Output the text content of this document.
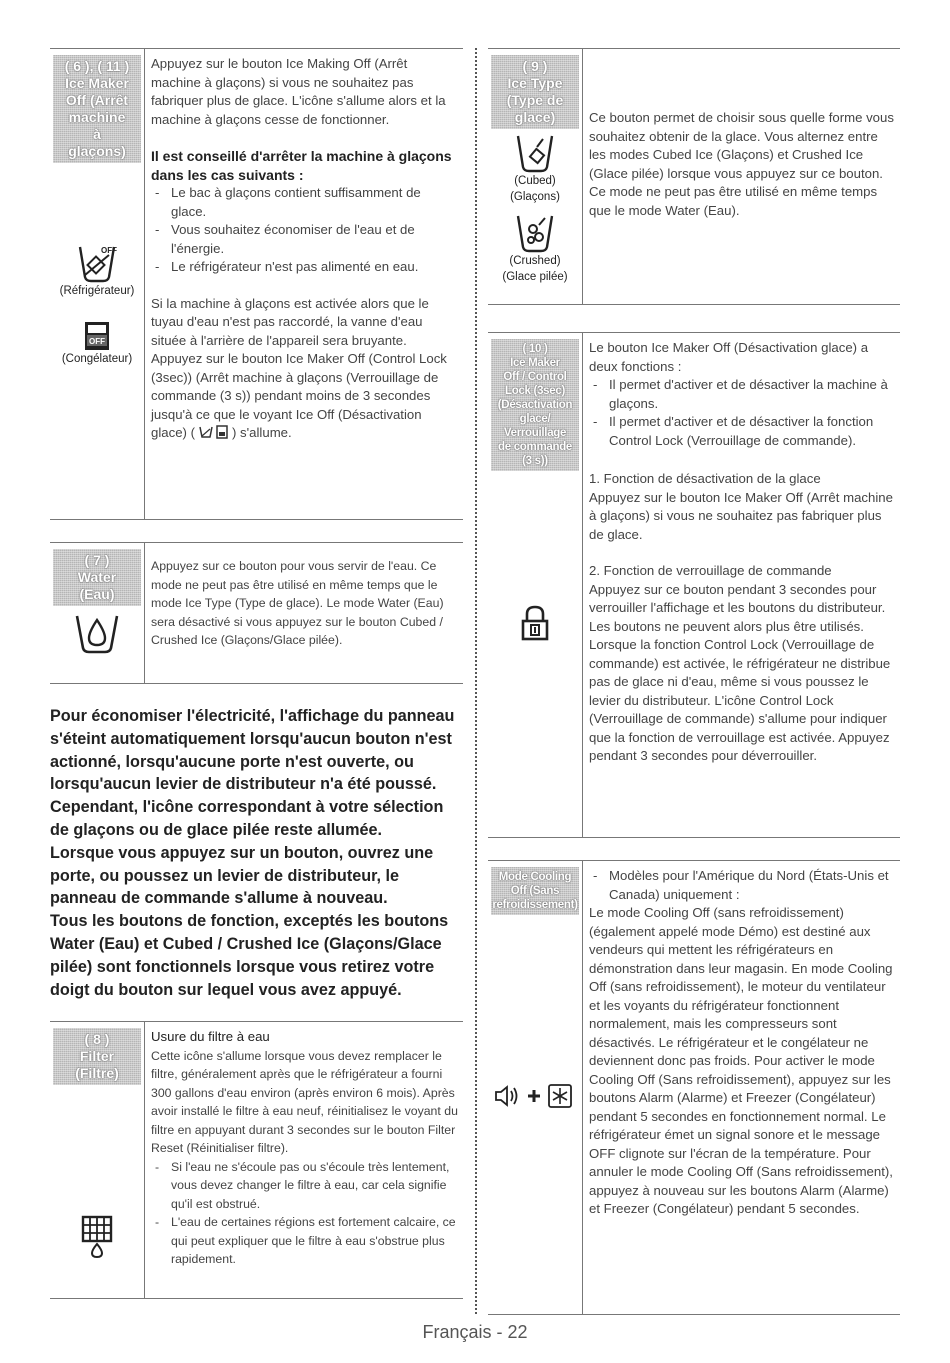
( 6 ), ( 11 )
Ice Maker
Off (Arrêt
machine
à
glaçons)
OFF
(Réfrigérateur)
OFF
(Congélateur)

Appuyez sur le bouton Ice Making Off (Arrêt machine à glaçons) si vous ne souhaitez pas fabriquer plus de glace. L'icône s'allume alors et la machine à glaçons cesse de fonctionner.

Il est conseillé d'arrêter la machine à glaçons dans les cas suivants :

- Le bac à glaçons contient suffisamment de glace.
- Vous souhaitez économiser de l'eau et de l'énergie.
- Le réfrigérateur n'est pas alimenté en eau.

Si la machine à glaçons est activée alors que le tuyau d'eau n'est pas raccordé, la vanne d'eau située à l'arrière de l'appareil sera bruyante. Appuyez sur le bouton Ice Maker Off (Control Lock (3sec)) (Arrêt machine à glaçons (Verrouillage de commande (3 s)) pendant moins de 3 secondes jusqu'à ce que le voyant Ice Off (Désactivation glace) (	) s'allume.

( 7 )
Water
(Eau)

Appuyez sur ce bouton pour vous servir de l'eau. Ce mode ne peut pas être utilisé en même temps que le mode Ice Type (Type de glace). Le mode Water (Eau) sera désactivé si vous appuyez sur le bouton Cubed / Crushed Ice (Glaçons/Glace pilée).

Pour économiser l'électricité, l'affichage du panneau s'éteint automatiquement lorsqu'aucun bouton n'est actionné, lorsqu'aucune porte n'est ouverte, ou lorsqu'aucun levier de distributeur n'a été poussé. Cependant, l'icône correspondant à votre sélection de glaçons ou de glace pilée reste allumée.

Lorsque vous appuyez sur un bouton, ouvrez une porte, ou poussez un levier de distributeur, le panneau de commande s'allume à nouveau.

Tous les boutons de fonction, exceptés les boutons Water (Eau) et Cubed / Crushed Ice (Glaçons/Glace pilée) sont fonctionnels lorsque vous retirez votre doigt du bouton sur lequel vous avez appuyé.

( 8 )
Filter
(Filtre)

Usure du filtre à eau

Cette icône s'allume lorsque vous devez remplacer le filtre, généralement après que le réfrigérateur a fourni 300 gallons d'eau environ (après environ 6 mois). Après avoir installé le filtre à eau neuf, réinitialisez le voyant du filtre en appuyant durant 3 secondes sur le bouton Filter Reset (Réinitialiser filtre).

- Si l'eau ne s'écoule pas ou s'écoule très lentement, vous devez changer le filtre à eau, car cela signifie qu'il est obstrué.
- L'eau de certaines régions est fortement calcaire, ce qui peut expliquer que le filtre à eau s'obstrue plus rapidement.
( 9 )
Ice Type
(Type de
glace)
(Cubed)
(Glaçons)
(Crushed)
(Glace pilée)

Ce bouton permet de choisir sous quelle forme vous souhaitez obtenir de la glace. Vous alternez entre les modes Cubed Ice (Glaçons) et Crushed Ice (Glace pilée) lorsque vous appuyez sur ce bouton. Ce mode ne peut pas être utilisé en même temps que le mode Water (Eau).

( 10 )
Ice Maker
Off / Control
Lock (3sec)
(Désactivation
glace/
Verrouillage
de commande
(3 s))

Le bouton Ice Maker Off (Désactivation glace) a deux fonctions :

- Il permet d'activer et de désactiver la machine à glaçons.
- Il permet d'activer et de désactiver la fonction Control Lock (Verrouillage de commande).

1. Fonction de désactivation de la glace

Appuyez sur le bouton Ice Maker Off (Arrêt machine à glaçons) si vous ne souhaitez pas fabriquer plus de glace.

2. Fonction de verrouillage de commande

Appuyez sur ce bouton pendant 3 secondes pour verrouiller l'affichage et les boutons du distributeur. Les boutons ne peuvent alors plus être utilisés. Lorsque la fonction Control Lock (Verrouillage de commande) est activée, le réfrigérateur ne distribue pas de glace ni d'eau, même si vous poussez le levier du distributeur. L'icône Control Lock (Verrouillage de commande) s'allume pour indiquer que la fonction de verrouillage est activée. Appuyez pendant 3 secondes pour déverrouiller.

Mode Cooling
Off (Sans
refroidissement)
- Modèles pour l'Amérique du Nord (États-Unis et Canada) uniquement :

Le mode Cooling Off (sans refroidissement) (également appelé mode Démo) est destiné aux vendeurs qui mettent les réfrigérateurs en démonstration dans leur magasin. En mode Cooling Off (sans refroidissement), le moteur du ventilateur et les voyants du réfrigérateur fonctionnent normalement, mais les compresseurs sont désactivés. Le réfrigérateur et le congélateur ne deviennent donc pas froids. Pour activer le mode Cooling Off (Sans refroidissement), appuyez sur les boutons Alarm (Alarme) et Freezer (Congélateur) pendant 5 secondes en fonctionnement normal. Le réfrigérateur émet un signal sonore et le message OFF clignote sur l'écran de la température. Pour annuler le mode Cooling Off (Sans refroidissement), appuyez à nouveau sur les boutons Alarm (Alarme) et Freezer (Congélateur) pendant 5 secondes.

Français - 22
